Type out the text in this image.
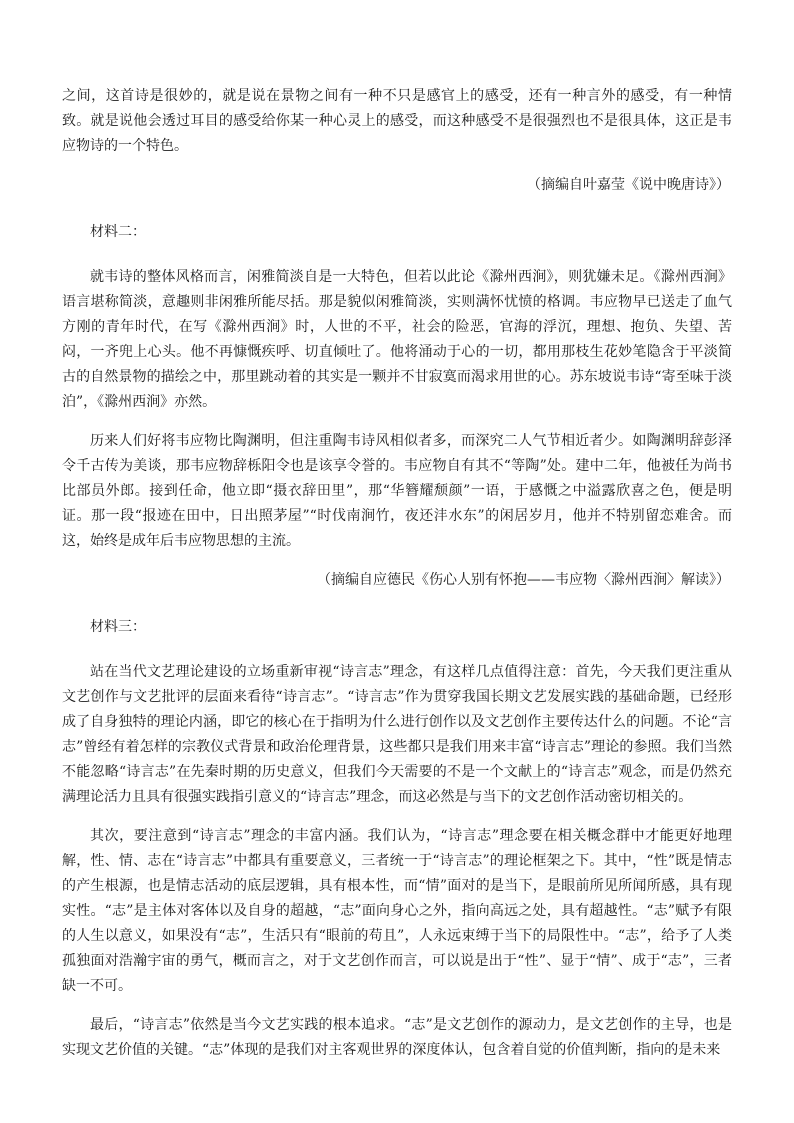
之间，这首诗是很妙的，就是说在景物之间有一种不只是感官上的感受，还有一种言外的感受，有一种情致。就是说他会透过耳目的感受给你某一种心灵上的感受，而这种感受不是很强烈也不是很具体，这正是韦应物诗的一个特色。

（摘编自叶嘉莹《说中晚唐诗》）

材料二：

就韦诗的整体风格而言，闲雅简淡自是一大特色，但若以此论《滁州西涧》，则犹嫌未足。《滁州西涧》语言堪称简淡，意趣则非闲雅所能尽括。那是貌似闲雅简淡，实则满怀忧愤的格调。韦应物早已送走了血气方刚的青年时代，在写《滁州西涧》时，人世的不平，社会的险恶，官海的浮沉，理想、抱负、失望、苦闷，一齐兜上心头。他不再慷慨疾呼、切直倾吐了。他将涌动于心的一切，都用那枝生花妙笔隐含于平淡简古的自然景物的描绘之中，那里跳动着的其实是一颗并不甘寂寞而渴求用世的心。苏东坡说韦诗“寄至味于淡泊”，《滁州西涧》亦然。

历来人们好将韦应物比陶渊明，但注重陶韦诗风相似者多，而深究二人气节相近者少。如陶渊明辞彭泽令千古传为美谈，那韦应物辞栎阳令也是该享令誉的。韦应物自有其不“等陶”处。建中二年，他被任为尚书比部员外郎。接到任命，他立即“摄衣辞田里”，那“华簪耀颓颜”一语，于感慨之中溢露欣喜之色，便是明证。那一段“报迹在田中，日出照茅屋”“时伐南涧竹，夜还沣水东”的闲居岁月，他并不特别留恋难舍。而这，始终是成年后韦应物思想的主流。

（摘编自应德民《伤心人别有怀抱——韦应物〈滁州西涧〉解读》）

材料三：

站在当代文艺理论建设的立场重新审视“诗言志”理念，有这样几点值得注意：首先，今天我们更注重从文艺创作与文艺批评的层面来看待“诗言志”。“诗言志”作为贯穿我国长期文艺发展实践的基础命题，已经形成了自身独特的理论内涵，即它的核心在于指明为什么进行创作以及文艺创作主要传达什么的问题。不论“言志”曾经有着怎样的宗教仪式背景和政治伦理背景，这些都只是我们用来丰富“诗言志”理论的参照。我们当然不能忽略“诗言志”在先秦时期的历史意义，但我们今天需要的不是一个文献上的“诗言志”观念，而是仍然充满理论活力且具有很强实践指引意义的“诗言志”理念，而这必然是与当下的文艺创作活动密切相关的。

其次，要注意到“诗言志”理念的丰富内涵。我们认为，“诗言志”理念要在相关概念群中才能更好地理解，性、情、志在“诗言志”中都具有重要意义，三者统一于“诗言志”的理论框架之下。其中，“性”既是情志的产生根源，也是情志活动的底层逻辑，具有根本性，而“情”面对的是当下，是眼前所见所闻所感，具有现实性。“志”是主体对客体以及自身的超越，“志”面向身心之外，指向高远之处，具有超越性。“志”赋予有限的人生以意义，如果没有“志”，生活只有“眼前的苟且”，人永远束缚于当下的局限性中。“志”，给予了人类孤独面对浩瀚宇宙的勇气，概而言之，对于文艺创作而言，可以说是出于“性”、显于“情”、成于“志”，三者缺一不可。

最后，“诗言志”依然是当今文艺实践的根本追求。“志”是文艺创作的源动力，是文艺创作的主导，也是实现文艺价值的关键。“志”体现的是我们对主客观世界的深度体认，包含着自觉的价值判断，指向的是未来
